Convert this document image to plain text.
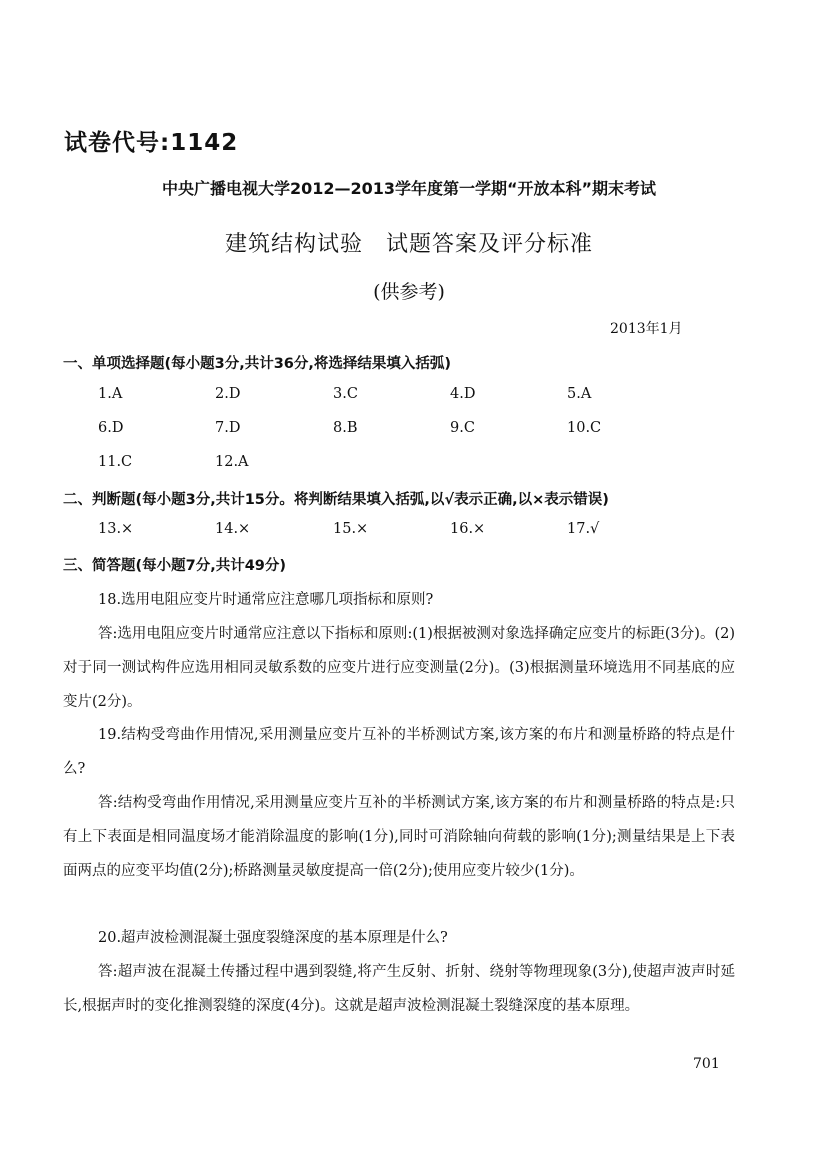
试卷代号:1142
中央广播电视大学2012—2013学年度第一学期“开放本科”期末考试
建筑结构试验　试题答案及评分标准
(供参考)
2013年1月
一、单项选择题(每小题3分,共计36分,将选择结果填入括弧)
1.A	2.D	3.C	4.D	5.A
6.D	7.D	8.B	9.C	10.C
11.C	12.A
二、判断题(每小题3分,共计15分。将判断结果填入括弧,以√表示正确,以×表示错误)
13.×	14.×	15.×	16.×	17.√
三、简答题(每小题7分,共计49分)
18.选用电阻应变片时通常应注意哪几项指标和原则?
答:选用电阻应变片时通常应注意以下指标和原则:(1)根据被测对象选择确定应变片的标距(3分)。(2)对于同一测试构件应选用相同灵敏系数的应变片进行应变测量(2分)。(3)根据测量环境选用不同基底的应变片(2分)。
19.结构受弯曲作用情况,采用测量应变片互补的半桥测试方案,该方案的布片和测量桥路的特点是什么?
答:结构受弯曲作用情况,采用测量应变片互补的半桥测试方案,该方案的布片和测量桥路的特点是:只有上下表面是相同温度场才能消除温度的影响(1分),同时可消除轴向荷载的影响(1分);测量结果是上下表面两点的应变平均值(2分);桥路测量灵敏度提高一倍(2分);使用应变片较少(1分)。
20.超声波检测混凝土强度裂缝深度的基本原理是什么?
答:超声波在混凝土传播过程中遇到裂缝,将产生反射、折射、绕射等物理现象(3分),使超声波声时延长,根据声时的变化推测裂缝的深度(4分)。这就是超声波检测混凝土裂缝深度的基本原理。
701
